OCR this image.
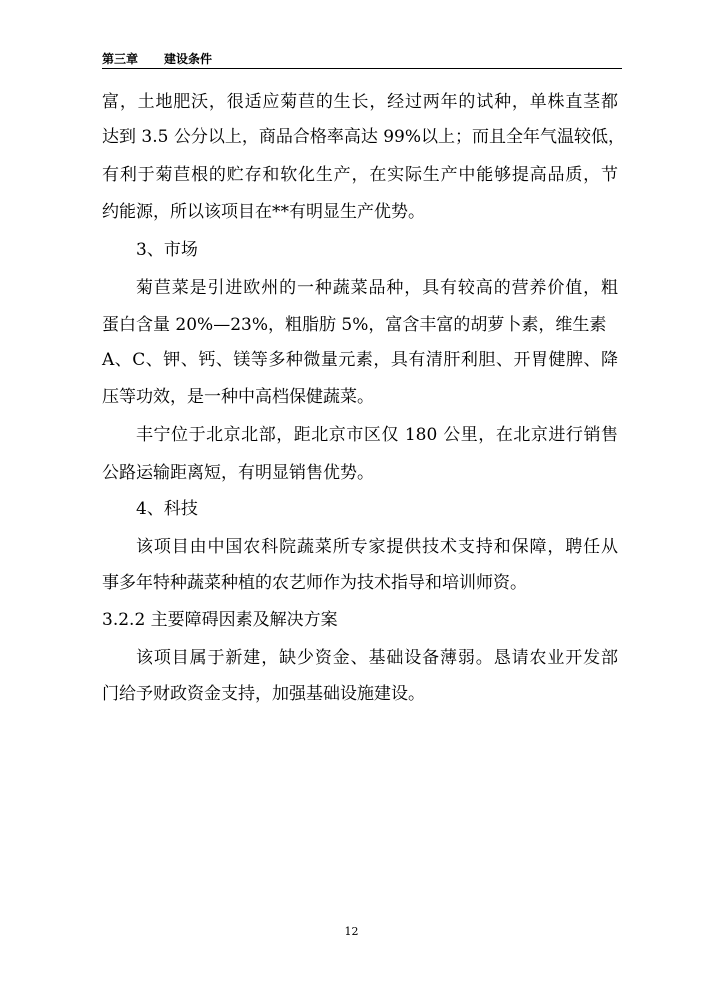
第三章 建设条件
富，土地肥沃，很适应菊苣的生长，经过两年的试种，单株直茎都
达到 3.5 公分以上，商品合格率高达 99%以上；而且全年气温较低，
有利于菊苣根的贮存和软化生产，在实际生产中能够提高品质，节
约能源，所以该项目在**有明显生产优势。
3、市场
菊苣菜是引进欧州的一种蔬菜品种，具有较高的营养价值，粗
蛋白含量 20%—23%，粗脂肪 5%，富含丰富的胡萝卜素，维生素
A、C、钾、钙、镁等多种微量元素，具有清肝利胆、开胃健脾、降
压等功效，是一种中高档保健蔬菜。
丰宁位于北京北部，距北京市区仅 180 公里，在北京进行销售
公路运输距离短，有明显销售优势。
4、科技
该项目由中国农科院蔬菜所专家提供技术支持和保障，聘任从
事多年特种蔬菜种植的农艺师作为技术指导和培训师资。
3.2.2 主要障碍因素及解决方案
该项目属于新建，缺少资金、基础设备薄弱。恳请农业开发部
门给予财政资金支持，加强基础设施建设。
12
